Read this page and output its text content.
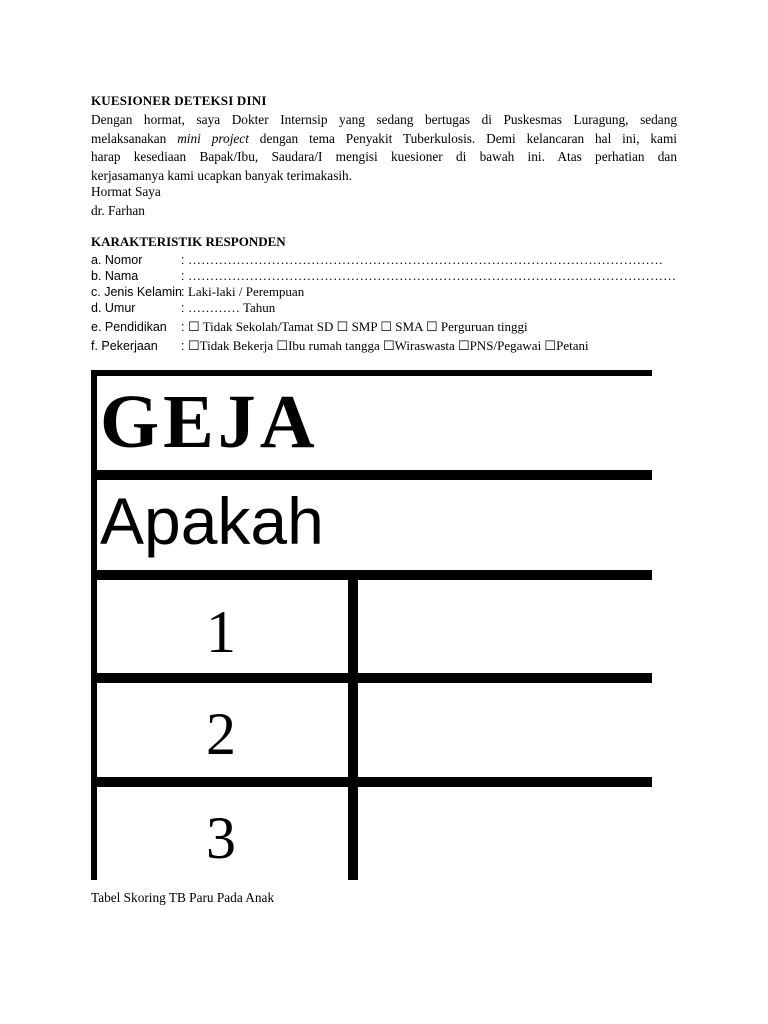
KUESIONER DETEKSI DINI
Dengan hormat, saya Dokter Internsip yang sedang bertugas di Puskesmas Luragung, sedang
melaksanakan mini project dengan tema Penyakit Tuberkulosis. Demi kelancaran hal ini, kami
harap kesediaan Bapak/Ibu, Saudara/I mengisi kuesioner di bawah ini. Atas perhatian dan
kerjasamanya kami ucapkan banyak terimakasih.
Hormat Saya
dr. Farhan
KARAKTERISTIK RESPONDEN
a. Nomor	: ………………………………………………………………………………………………
b. Nama	: …………………………………………………………………………………………………
c. Jenis Kelamin: Laki-laki / Perempuan
d. Umur	: ………… Tahun
e. Pendidikan : ☐ Tidak Sekolah/Tamat SD ☐ SMP ☐ SMA ☐ Perguruan tinggi
f. Pekerjaan : ☐Tidak Bekerja ☐Ibu rumah tangga ☐Wiraswasta ☐PNS/Pegawai ☐Petani
GEJA
Apakah
1
2
3
Tabel Skoring TB Paru Pada Anak
